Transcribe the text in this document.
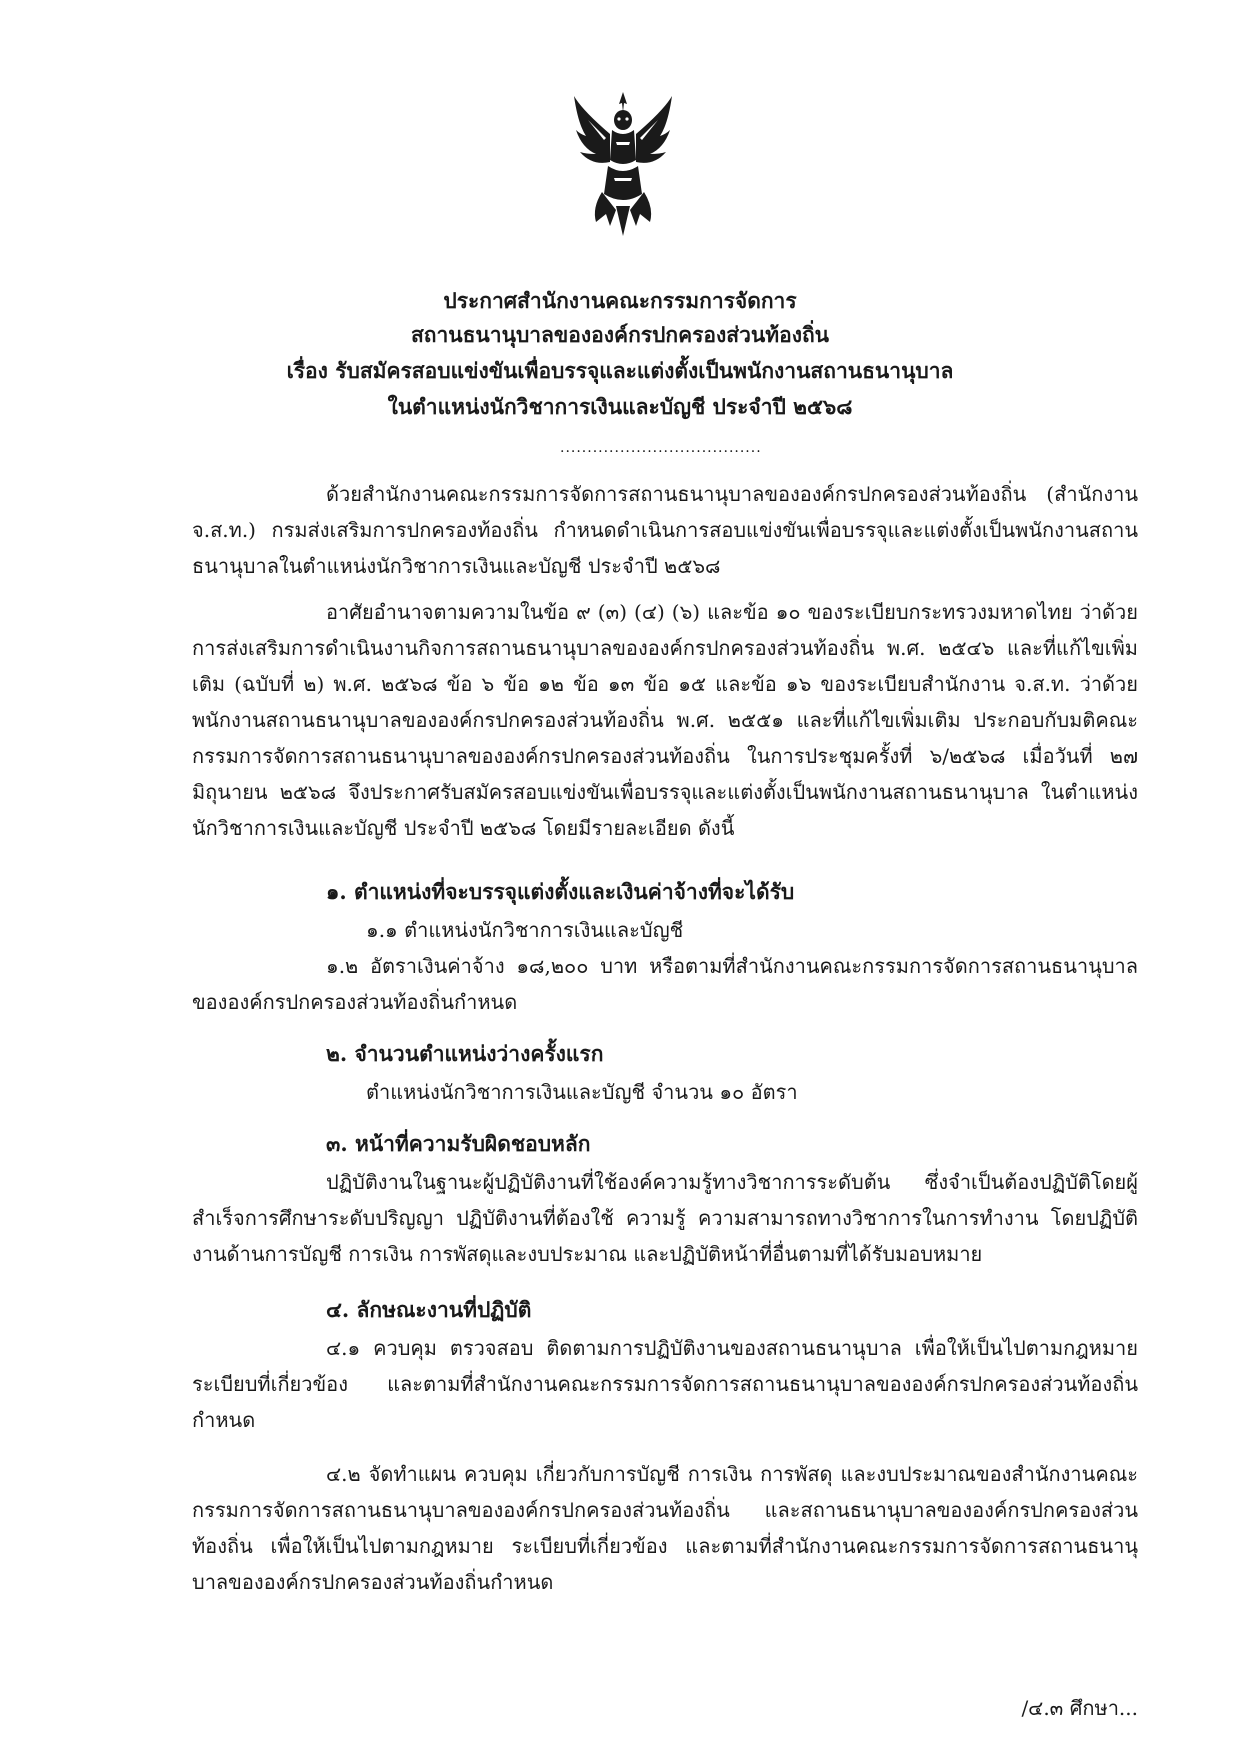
ประกาศสำนักงานคณะกรรมการจัดการ
สถานธนานุบาลขององค์กรปกครองส่วนท้องถิ่น
เรื่อง รับสมัครสอบแข่งขันเพื่อบรรจุและแต่งตั้งเป็นพนักงานสถานธนานุบาล
ในตำแหน่งนักวิชาการเงินและบัญชี ประจำปี ๒๕๖๘
.....................................
ด้วยสำนักงานคณะกรรมการจัดการสถานธนานุบาลขององค์กรปกครองส่วนท้องถิ่น (สำนักงาน จ.ส.ท.) กรมส่งเสริมการปกครองท้องถิ่น กำหนดดำเนินการสอบแข่งขันเพื่อบรรจุและแต่งตั้งเป็นพนักงานสถานธนานุบาลในตำแหน่งนักวิชาการเงินและบัญชี ประจำปี ๒๕๖๘
อาศัยอำนาจตามความในข้อ ๙ (๓) (๔) (๖) และข้อ ๑๐ ของระเบียบกระทรวงมหาดไทย ว่าด้วยการส่งเสริมการดำเนินงานกิจการสถานธนานุบาลขององค์กรปกครองส่วนท้องถิ่น พ.ศ. ๒๕๔๖ และที่แก้ไขเพิ่มเติม (ฉบับที่ ๒) พ.ศ. ๒๕๖๘ ข้อ ๖ ข้อ ๑๒ ข้อ ๑๓ ข้อ ๑๕ และข้อ ๑๖ ของระเบียบสำนักงาน จ.ส.ท. ว่าด้วยพนักงานสถานธนานุบาลขององค์กรปกครองส่วนท้องถิ่น พ.ศ. ๒๕๕๑ และที่แก้ไขเพิ่มเติม ประกอบกับมติคณะกรรมการจัดการสถานธนานุบาลขององค์กรปกครองส่วนท้องถิ่น ในการประชุมครั้งที่ ๖/๒๕๖๘ เมื่อวันที่ ๒๗ มิถุนายน ๒๕๖๘ จึงประกาศรับสมัครสอบแข่งขันเพื่อบรรจุและแต่งตั้งเป็นพนักงานสถานธนานุบาล ในตำแหน่งนักวิชาการเงินและบัญชี ประจำปี ๒๕๖๘ โดยมีรายละเอียด ดังนี้
๑. ตำแหน่งที่จะบรรจุแต่งตั้งและเงินค่าจ้างที่จะได้รับ
๑.๑ ตำแหน่งนักวิชาการเงินและบัญชี
๑.๒ อัตราเงินค่าจ้าง ๑๘,๒๐๐ บาท หรือตามที่สำนักงานคณะกรรมการจัดการสถานธนานุบาลขององค์กรปกครองส่วนท้องถิ่นกำหนด
๒. จำนวนตำแหน่งว่างครั้งแรก
ตำแหน่งนักวิชาการเงินและบัญชี จำนวน ๑๐ อัตรา
๓. หน้าที่ความรับผิดชอบหลัก
ปฏิบัติงานในฐานะผู้ปฏิบัติงานที่ใช้องค์ความรู้ทางวิชาการระดับต้น ซึ่งจำเป็นต้องปฏิบัติโดยผู้สำเร็จการศึกษาระดับปริญญา ปฏิบัติงานที่ต้องใช้ ความรู้ ความสามารถทางวิชาการในการทำงาน โดยปฏิบัติงานด้านการบัญชี การเงิน การพัสดุและงบประมาณ และปฏิบัติหน้าที่อื่นตามที่ได้รับมอบหมาย
๔. ลักษณะงานที่ปฏิบัติ
๔.๑ ควบคุม ตรวจสอบ ติดตามการปฏิบัติงานของสถานธนานุบาล เพื่อให้เป็นไปตามกฎหมาย ระเบียบที่เกี่ยวข้อง และตามที่สำนักงานคณะกรรมการจัดการสถานธนานุบาลขององค์กรปกครองส่วนท้องถิ่นกำหนด
๔.๒ จัดทำแผน ควบคุม เกี่ยวกับการบัญชี การเงิน การพัสดุ และงบประมาณของสำนักงานคณะกรรมการจัดการสถานธนานุบาลขององค์กรปกครองส่วนท้องถิ่น และสถานธนานุบาลขององค์กรปกครองส่วนท้องถิ่น เพื่อให้เป็นไปตามกฎหมาย ระเบียบที่เกี่ยวข้อง และตามที่สำนักงานคณะกรรมการจัดการสถานธนานุบาลขององค์กรปกครองส่วนท้องถิ่นกำหนด
/๔.๓ ศึกษา...
